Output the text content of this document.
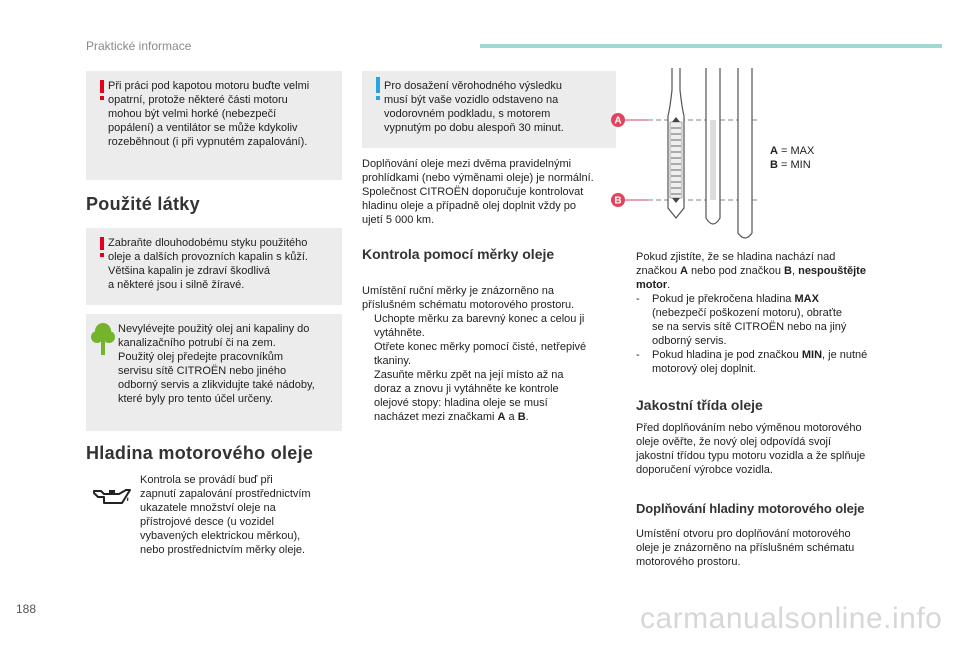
Praktické informace
Při práci pod kapotou motoru buďte velmi
opatrní, protože některé části motoru
mohou být velmi horké (nebezpečí
popálení) a ventilátor se může kdykoliv
rozeběhnout (i při vypnutém zapalování).
Použité látky
Zabraňte dlouhodobému styku použitého
oleje a dalších provozních kapalin s kůží.
Většina kapalin je zdraví škodlivá
a některé jsou i silně žíravé.
Nevylévejte použitý olej ani kapaliny do
kanalizačního potrubí či na zem.
Použitý olej předejte pracovníkům
servisu sítě CITROËN nebo jiného
odborný servis a zlikvidujte také nádoby,
které byly pro tento účel určeny.
Hladina motorového oleje
Kontrola se provádí buď při
zapnutí zapalování prostřednictvím
ukazatele množství oleje na
přístrojové desce (u vozidel
vybavených elektrickou měrkou),
nebo prostřednictvím měrky oleje.
Pro dosažení věrohodného výsledku
musí být vaše vozidlo odstaveno na
vodorovném podkladu, s motorem
vypnutým po dobu alespoň 30 minut.
Doplňování oleje mezi dvěma pravidelnými
prohlídkami (nebo výměnami oleje) je normální.
Společnost CITROËN doporučuje kontrolovat
hladinu oleje a případně olej doplnit vždy po
ujetí 5 000 km.
Kontrola pomocí měrky oleje
Umístění ruční měrky je znázorněno na
příslušném schématu motorového prostoru.
Uchopte měrku za barevný konec a celou ji
vytáhněte.
Otřete konec měrky pomocí čisté, netřepivé
tkaniny.
Zasuňte měrku zpět na její místo až na
doraz a znovu ji vytáhněte ke kontrole
olejové stopy: hladina oleje se musí
nacházet mezi značkami A a B.
A
B
A = MAX
B = MIN
Pokud zjistíte, že se hladina nachází nad
značkou A nebo pod značkou B, nespouštějte
motor.
- Pokud je překročena hladina MAX
(nebezpečí poškození motoru), obraťte
se na servis sítě CITROËN nebo na jiný
odborný servis.
- Pokud hladina je pod značkou MIN, je nutné
motorový olej doplnit.
Jakostní třída oleje
Před doplňováním nebo výměnou motorového
oleje ověřte, že nový olej odpovídá svojí
jakostní třídou typu motoru vozidla a že splňuje
doporučení výrobce vozidla.
Doplňování hladiny motorového oleje
Umístění otvoru pro doplňování motorového
oleje je znázorněno na příslušném schématu
motorového prostoru.
188	carmanualsonline.info
